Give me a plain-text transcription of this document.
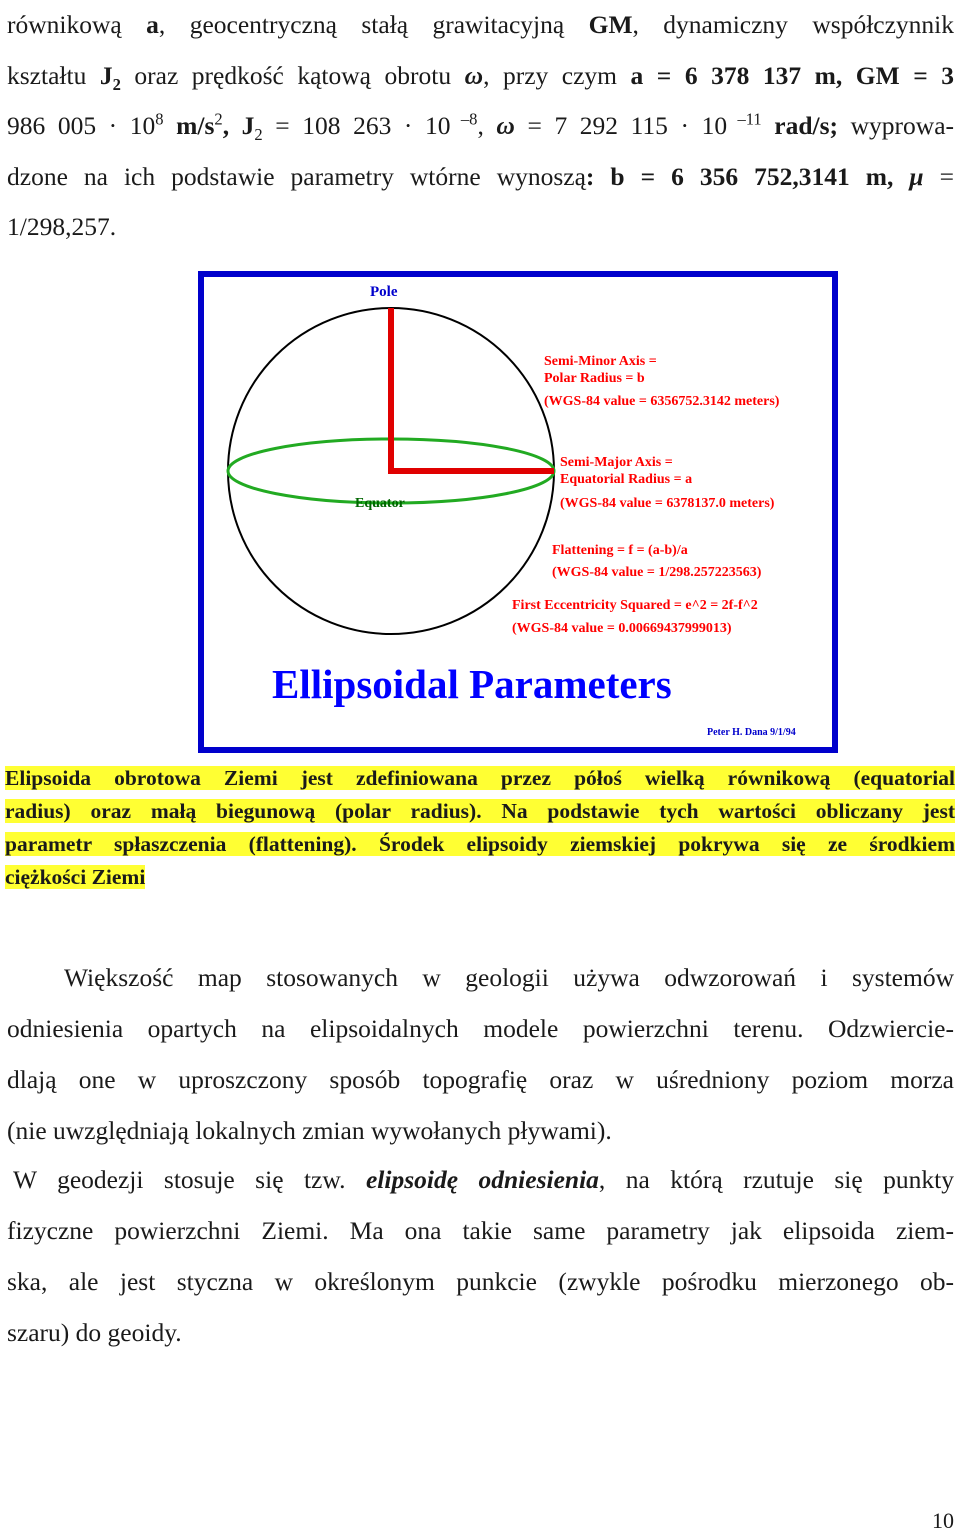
równikową a, geocentryczną stałą grawitacyjną GM, dynamiczny współczynnik
kształtu $J_2$ oraz prędkość kątową obrotu ω, przy czym a = 6 378 137 m, GM = 3
986 $005 \cdot 10^8$ $m/s^2$, $J_2 = 108$ 263 · 10 $^{-8}$, ω = 7 292 115 · 10 $^{-11}$ rad/s; wyprowa-
dzone na ich podstawie parametry wtórne wynoszą: b = 6 356 752,3141 m, μ =
1/298,257.
Pole
Equator
Semi-Minor Axis =
Polar Radius = b
(WGS-84 value = 6356752.3142 meters)
Semi-Major Axis =
Equatorial Radius = a
(WGS-84 value = 6378137.0 meters)
Flattening = f = (a-b)/a
(WGS-84 value = 1/298.257223563)
First Eccentricity Squared = e^2 = 2f-f^2
(WGS-84 value = 0.00669437999013)
Ellipsoidal Parameters
Peter H. Dana 9/1/94
Elipsoida obrotowa Ziemi jest zdefiniowana przez półoś wielką równikową (equatorial
radius) oraz małą biegunową (polar radius). Na podstawie tych wartości obliczany jest
parametr spłaszczenia (flattening). Środek elipsoidy ziemskiej pokrywa się ze środkiem
ciężkości Ziemi
Większość map stosowanych w geologii używa odwzorowań i systemów
odniesienia opartych na elipsoidalnych modele powierzchni terenu. Odzwiercie-
dlają one w uproszczony sposób topografię oraz w uśredniony poziom morza
(nie uwzględniają lokalnych zmian wywołanych pływami).
W geodezji stosuje się tzw. elipsoidę odniesienia, na którą rzutuje się punkty
fizyczne powierzchni Ziemi. Ma ona takie same parametry jak elipsoida ziem-
ska, ale jest styczna w określonym punkcie (zwykle pośrodku mierzonego ob-
szaru) do geoidy.
10
